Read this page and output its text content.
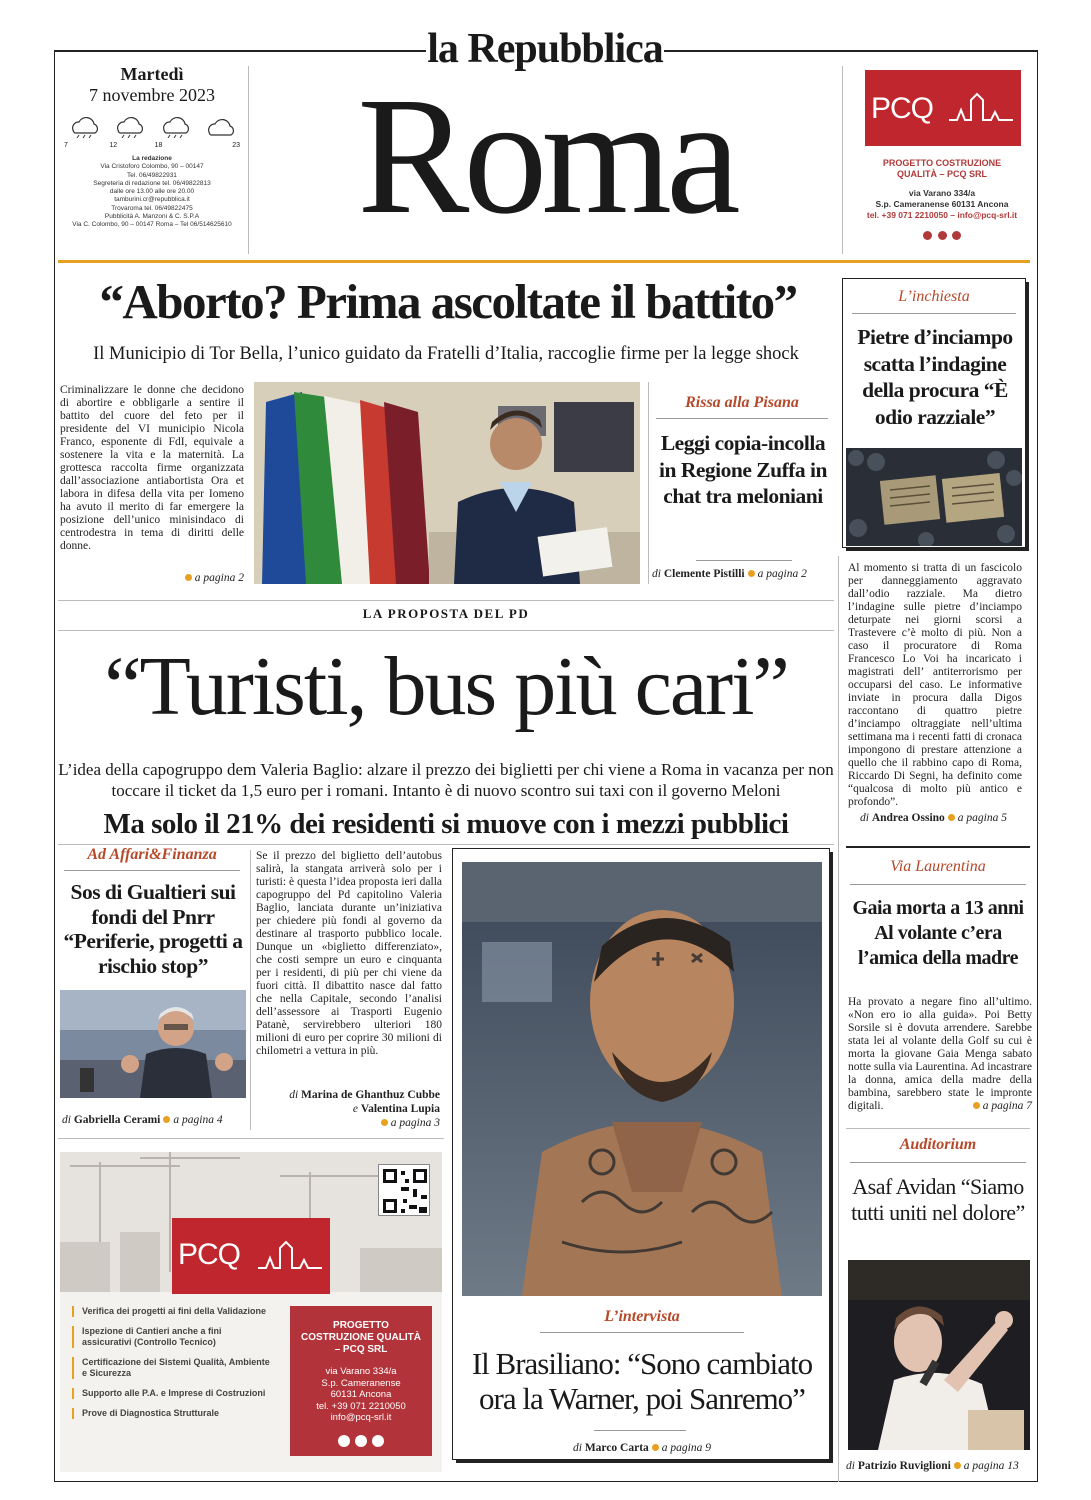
la Repubblica
Roma
Martedì
7 novembre 2023
7	12	18	23
La redazione
Via Cristoforo Colombo, 90 – 00147
Tel. 06/49822931
Segreteria di redazione tel. 06/49822813
dalle ore 13.00 alle ore 20.00
tamburini.cr@repubblica.it
Trovaroma tel. 06/49822475
Pubblicità A. Manzoni & C. S.P.A
Via C. Colombo, 90 – 00147 Roma – Tel 06/514625610
PCQ
PROGETTO COSTRUZIONE QUALITÀ – PCQ SRL
via Varano 334/a
S.p. Cameranense 60131 Ancona
tel. +39 071 2210050 – info@pcq-srl.it

“Aborto? Prima ascoltate il battito”
Il Municipio di Tor Bella, l’unico guidato da Fratelli d’Italia, raccoglie firme per la legge shock
Criminalizzare le donne che decidono di abortire e obbligarle a sentire il battito del cuore del feto per il presidente del VI municipio Nicola Franco, esponente di FdI, equivale a sostenere la vita e la maternità. La grottesca raccolta firme organizzata dall’associazione antiabortista Ora et labora in difesa della vita per Iomeno ha avuto il merito di far emergere la posizione dell’unico minisindaco di centrodestra in tema di diritti delle donne.
a pagina 2
Rissa alla Pisana
Leggi copia-incolla in Regione Zuffa in chat tra meloniani
di Clemente Pistilli a pagina 2
L’inchiesta
Pietre d’inciampo scatta l’indagine della procura “È odio razziale”
Al momento si tratta di un fascicolo per danneggiamento aggravato dall’odio razziale. Ma dietro l’indagine sulle pietre d’inciampo deturpate nei giorni scorsi a Trastevere c’è molto di più. Non a caso il procuratore di Roma Francesco Lo Voi ha incaricato i magistrati dell’ antiterrorismo per occuparsi del caso. Le informative inviate in procura dalla Digos raccontano di quattro pietre d’inciampo oltraggiate nell’ultima settimana ma i recenti fatti di cronaca impongono di prestare attenzione a quello che il rabbino capo di Roma, Riccardo Di Segni, ha definito come “qualcosa di molto più antico e profondo”.
di Andrea Ossino a pagina 5
LA PROPOSTA DEL PD
“Turisti, bus più cari”
L’idea della capogruppo dem Valeria Baglio: alzare il prezzo dei biglietti per chi viene a Roma in vacanza per non toccare il ticket da 1,5 euro per i romani. Intanto è di nuovo scontro sui taxi con il governo Meloni
Ma solo il 21% dei residenti si muove con i mezzi pubblici
Ad Affari&Finanza
Sos di Gualtieri sui fondi del Pnrr “Periferie, progetti a rischio stop”
di Gabriella Cerami a pagina 4
Se il prezzo del biglietto dell’autobus salirà, la stangata arriverà solo per i turisti: è questa l’idea proposta ieri dalla capogruppo del Pd capitolino Valeria Baglio, lanciata durante un’iniziativa per chiedere più fondi al governo da destinare al trasporto pubblico locale. Dunque un «biglietto differenziato», che costi sempre un euro e cinquanta per i residenti, di più per chi viene da fuori città. Il dibattito nasce dal fatto che nella Capitale, secondo l’analisi dell’assessore ai Trasporti Eugenio Patanè, servirebbero ulteriori 180 milioni di euro per coprire 30 milioni di chilometri a vettura in più.
di Marina de Ghanthuz Cubbe
e Valentina Lupia
a pagina 3
L’intervista
Il Brasiliano: “Sono cambiato ora la Warner, poi Sanremo”
di Marco Carta a pagina 9
Via Laurentina
Gaia morta a 13 anni Al volante c’era l’amica della madre
Ha provato a negare fino all’ultimo. «Non ero io alla guida». Poi Betty Sorsile si è dovuta arrendere. Sarebbe stata lei al volante della Golf su cui è morta la giovane Gaia Menga sabato notte sulla via Laurentina. Ad incastrare la donna, amica della madre della bambina, sarebbero state le impronte digitali.	a pagina 7
Auditorium
Asaf Avidan “Siamo tutti uniti nel dolore”
di Patrizio Ruviglioni a pagina 13
PCQ
Verifica dei progetti ai fini della Validazione
Ispezione di Cantieri anche a fini assicurativi (Controllo Tecnico)
Certificazione dei Sistemi Qualità, Ambiente e Sicurezza
Supporto alle P.A. e Imprese di Costruzioni
Prove di Diagnostica Strutturale
PROGETTO COSTRUZIONE QUALITÀ – PCQ SRL
via Varano 334/a
S.p. Cameranense
60131 Ancona
tel. +39 071 2210050
info@pcq-srl.it
